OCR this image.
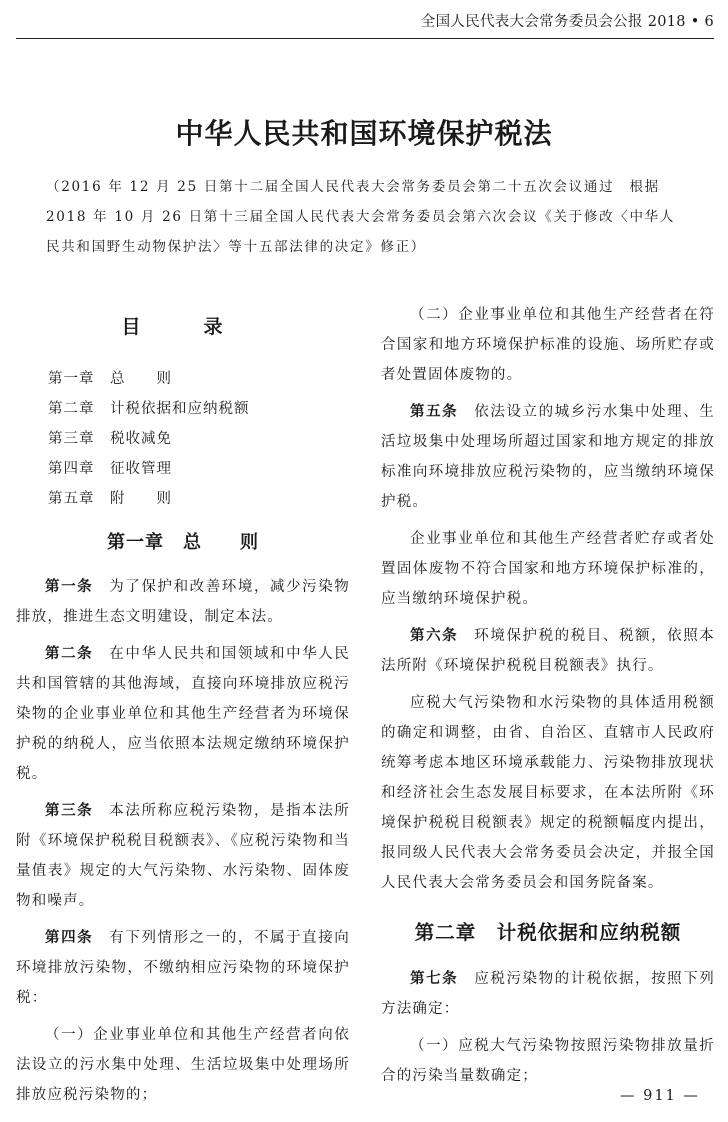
全国人民代表大会常务委员会公报 2018 • 6
中华人民共和国环境保护税法
（2016 年 12 月 25 日第十二届全国人民代表大会常务委员会第二十五次会议通过　根据
2018 年 10 月 26 日第十三届全国人民代表大会常务委员会第六次会议《关于修改〈中华人
民共和国野生动物保护法〉等十五部法律的决定》修正）
目　录
第一章 总　　则
第二章 计税依据和应纳税额
第三章 税收减免
第四章 征收管理
第五章 附　　则
第一章　总　　则

第一条　 为了保护和改善环境，减少污染物排放，推进生态文明建设，制定本法。

第二条　 在中华人民共和国领域和中华人民共和国管辖的其他海域，直接向环境排放应税污染物的企业事业单位和其他生产经营者为环境保护税的纳税人，应当依照本法规定缴纳环境保护税。

第三条　 本法所称应税污染物，是指本法所附《环境保护税税目税额表》、《应税污染物和当量值表》规定的大气污染物、水污染物、固体废物和噪声。

第四条　 有下列情形之一的，不属于直接向环境排放污染物，不缴纳相应污染物的环境保护税：

（一）企业事业单位和其他生产经营者向依法设立的污水集中处理、生活垃圾集中处理场所排放应税污染物的；

（二）企业事业单位和其他生产经营者在符合国家和地方环境保护标准的设施、场所贮存或者处置固体废物的。

第五条　 依法设立的城乡污水集中处理、生活垃圾集中处理场所超过国家和地方规定的排放标准向环境排放应税污染物的，应当缴纳环境保护税。

企业事业单位和其他生产经营者贮存或者处置固体废物不符合国家和地方环境保护标准的，应当缴纳环境保护税。

第六条　 环境保护税的税目、税额，依照本法所附《环境保护税税目税额表》执行。

应税大气污染物和水污染物的具体适用税额的确定和调整，由省、自治区、直辖市人民政府统筹考虑本地区环境承载能力、污染物排放现状和经济社会生态发展目标要求，在本法所附《环境保护税税目税额表》规定的税额幅度内提出，报同级人民代表大会常务委员会决定，并报全国人民代表大会常务委员会和国务院备案。

第二章　计税依据和应纳税额

第七条　 应税污染物的计税依据，按照下列方法确定：

（一）应税大气污染物按照污染物排放量折合的污染当量数确定；

— 911 —
